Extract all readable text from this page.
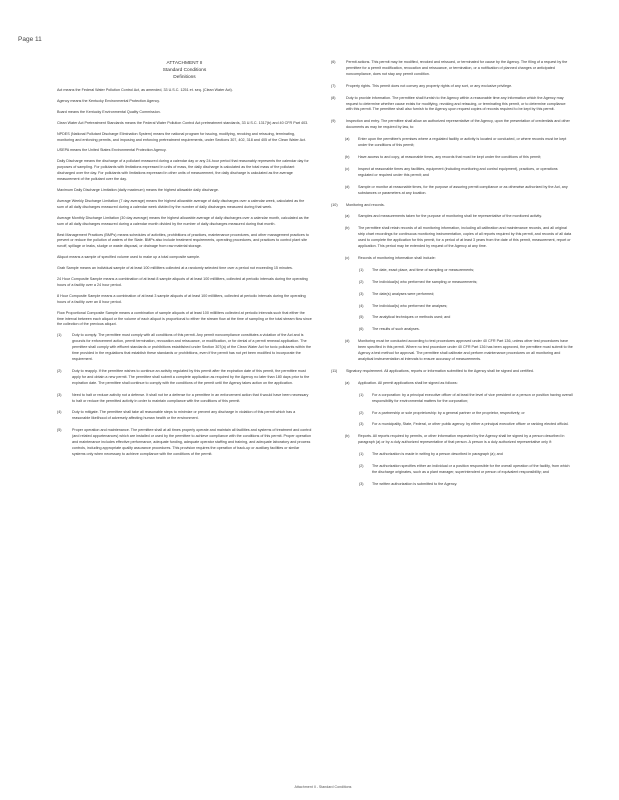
Page 11

ATTACHMENT II

Standard Conditions

Definitions

Act means the Federal Water Pollution Control Act, as amended, 33 U.S.C. 1251 et. seq. (Clean Water Act).

Agency means the Kentucky Environmental Protection Agency.

Board means the Kentucky Environmental Quality Commission.

Clean Water Act Pretreatment Standards means the Federal Water Pollution Control Act pretreatment standards, 33 U.S.C. 1317(b) and 40 CFR Part 403.

NPDES (National Pollutant Discharge Elimination System) means the national program for issuing, modifying, revoking and reissuing, terminating, monitoring and enforcing permits, and imposing and enforcing pretreatment requirements, under Sections 307, 402, 318 and 405 of the Clean Water Act.

USEPA means the United States Environmental Protection Agency.

Daily Discharge means the discharge of a pollutant measured during a calendar day or any 24-hour period that reasonably represents the calendar day for purposes of sampling. For pollutants with limitations expressed in units of mass, the daily discharge is calculated as the total mass of the pollutant discharged over the day. For pollutants with limitations expressed in other units of measurement, the daily discharge is calculated as the average measurement of the pollutant over the day.

Maximum Daily Discharge Limitation (daily maximum) means the highest allowable daily discharge.

Average Weekly Discharge Limitation (7 day average) means the highest allowable average of daily discharges over a calendar week, calculated as the sum of all daily discharges measured during a calendar week divided by the number of daily discharges measured during that week.

Average Monthly Discharge Limitation (30 day average) means the highest allowable average of daily discharges over a calendar month, calculated as the sum of all daily discharges measured during a calendar month divided by the number of daily discharges measured during that month.

Best Management Practices (BMPs) means schedules of activities, prohibitions of practices, maintenance procedures, and other management practices to prevent or reduce the pollution of waters of the State. BMPs also include treatment requirements, operating procedures, and practices to control plant site runoff, spillage or leaks, sludge or waste disposal, or drainage from raw material storage.

Aliquot means a sample of specified volume used to make up a total composite sample.

Grab Sample means an individual sample of at least 100 milliliters collected at a randomly selected time over a period not exceeding 15 minutes.

24 Hour Composite Sample means a combination of at least 8 sample aliquots of at least 100 milliliters, collected at periodic intervals during the operating hours of a facility over a 24 hour period.

8 Hour Composite Sample means a combination of at least 3 sample aliquots of at least 100 milliliters, collected at periodic intervals during the operating hours of a facility over an 8 hour period.

Flow Proportional Composite Sample means a combination of sample aliquots of at least 100 milliliters collected at periodic intervals such that either the time interval between each aliquot or the volume of each aliquot is proportional to either the stream flow at the time of sampling or the total stream flow since the collection of the previous aliquot.

(1)	Duty to comply. The permittee must comply with all conditions of this permit. Any permit noncompliance constitutes a violation of the Act and is grounds for enforcement action, permit termination, revocation and reissuance, or modification, or for denial of a permit renewal application. The permittee shall comply with effluent standards or prohibitions established under Section 307(a) of the Clean Water Act for toxic pollutants within the time provided in the regulations that establish these standards or prohibitions, even if the permit has not yet been modified to incorporate the requirement.
(2)	Duty to reapply. If the permittee wishes to continue an activity regulated by this permit after the expiration date of this permit, the permittee must apply for and obtain a new permit. The permittee shall submit a complete application as required by the Agency no later than 180 days prior to the expiration date. The permittee shall continue to comply with the conditions of the permit until the Agency takes action on the application.
(3)	Need to halt or reduce activity not a defense. It shall not be a defense for a permittee in an enforcement action that it would have been necessary to halt or reduce the permitted activity in order to maintain compliance with the conditions of this permit.
(4)	Duty to mitigate. The permittee shall take all reasonable steps to minimize or prevent any discharge in violation of this permit which has a reasonable likelihood of adversely affecting human health or the environment.
(5)	Proper operation and maintenance. The permittee shall at all times properly operate and maintain all facilities and systems of treatment and control (and related appurtenances) which are installed or used by the permittee to achieve compliance with the conditions of this permit. Proper operation and maintenance includes effective performance, adequate funding, adequate operator staffing and training, and adequate laboratory and process controls, including appropriate quality assurance procedures. This provision requires the operation of back-up or auxiliary facilities or similar systems only when necessary to achieve compliance with the conditions of the permit.
(6)	Permit actions. This permit may be modified, revoked and reissued, or terminated for cause by the Agency. The filing of a request by the permittee for a permit modification, revocation and reissuance, or termination, or a notification of planned changes or anticipated noncompliance, does not stay any permit condition.
(7)	Property rights. This permit does not convey any property rights of any sort, or any exclusive privilege.
(8)	Duty to provide information. The permittee shall furnish to the Agency within a reasonable time any information which the Agency may request to determine whether cause exists for modifying, revoking and reissuing, or terminating this permit, or to determine compliance with this permit. The permittee shall also furnish to the Agency upon request copies of records required to be kept by this permit.
(9)	Inspection and entry. The permittee shall allow an authorized representative of the Agency, upon the presentation of credentials and other documents as may be required by law, to:
(a)	Enter upon the permittee's premises where a regulated facility or activity is located or conducted, or where records must be kept under the conditions of this permit;
(b)	Have access to and copy, at reasonable times, any records that must be kept under the conditions of this permit;
(c)	Inspect at reasonable times any facilities, equipment (including monitoring and control equipment), practices, or operations regulated or required under this permit; and
(d)	Sample or monitor at reasonable times, for the purpose of assuring permit compliance or as otherwise authorized by the Act, any substances or parameters at any location.
(10)	Monitoring and records.
(a)	Samples and measurements taken for the purpose of monitoring shall be representative of the monitored activity.
(b)	The permittee shall retain records of all monitoring information, including all calibration and maintenance records, and all original strip chart recordings for continuous monitoring instrumentation, copies of all reports required by this permit, and records of all data used to complete the application for this permit, for a period of at least 3 years from the date of this permit, measurement, report or application. This period may be extended by request of the Agency at any time.
(c)	Records of monitoring information shall include:
(1)	The date, exact place, and time of sampling or measurements;
(2)	The individual(s) who performed the sampling or measurements;
(3)	The date(s) analyses were performed;
(4)	The individual(s) who performed the analyses;
(5)	The analytical techniques or methods used; and
(6)	The results of such analyses.
(d)	Monitoring must be conducted according to test procedures approved under 40 CFR Part 136, unless other test procedures have been specified in this permit. Where no test procedure under 40 CFR Part 136 has been approved, the permittee must submit to the Agency a test method for approval. The permittee shall calibrate and perform maintenance procedures on all monitoring and analytical instrumentation at intervals to ensure accuracy of measurements.
(11)	Signatory requirement. All applications, reports or information submitted to the Agency shall be signed and certified.
(a)	Application. All permit applications shall be signed as follows:
(1)	For a corporation: by a principal executive officer of at least the level of vice president or a person or position having overall responsibility for environmental matters for the corporation;
(2)	For a partnership or sole proprietorship: by a general partner or the proprietor, respectively; or
(3)	For a municipality, State, Federal, or other public agency: by either a principal executive officer or ranking elected official.
(b)	Reports. All reports required by permits, or other information requested by the Agency shall be signed by a person described in paragraph (a) or by a duly authorized representative of that person. A person is a duly authorized representative only if:
(1)	The authorization is made in writing by a person described in paragraph (a); and
(2)	The authorization specifies either an individual or a position responsible for the overall operation of the facility, from which the discharge originates, such as a plant manager, superintendent or person of equivalent responsibility; and
(3)	The written authorization is submitted to the Agency.
Attachment II - Standard Conditions
